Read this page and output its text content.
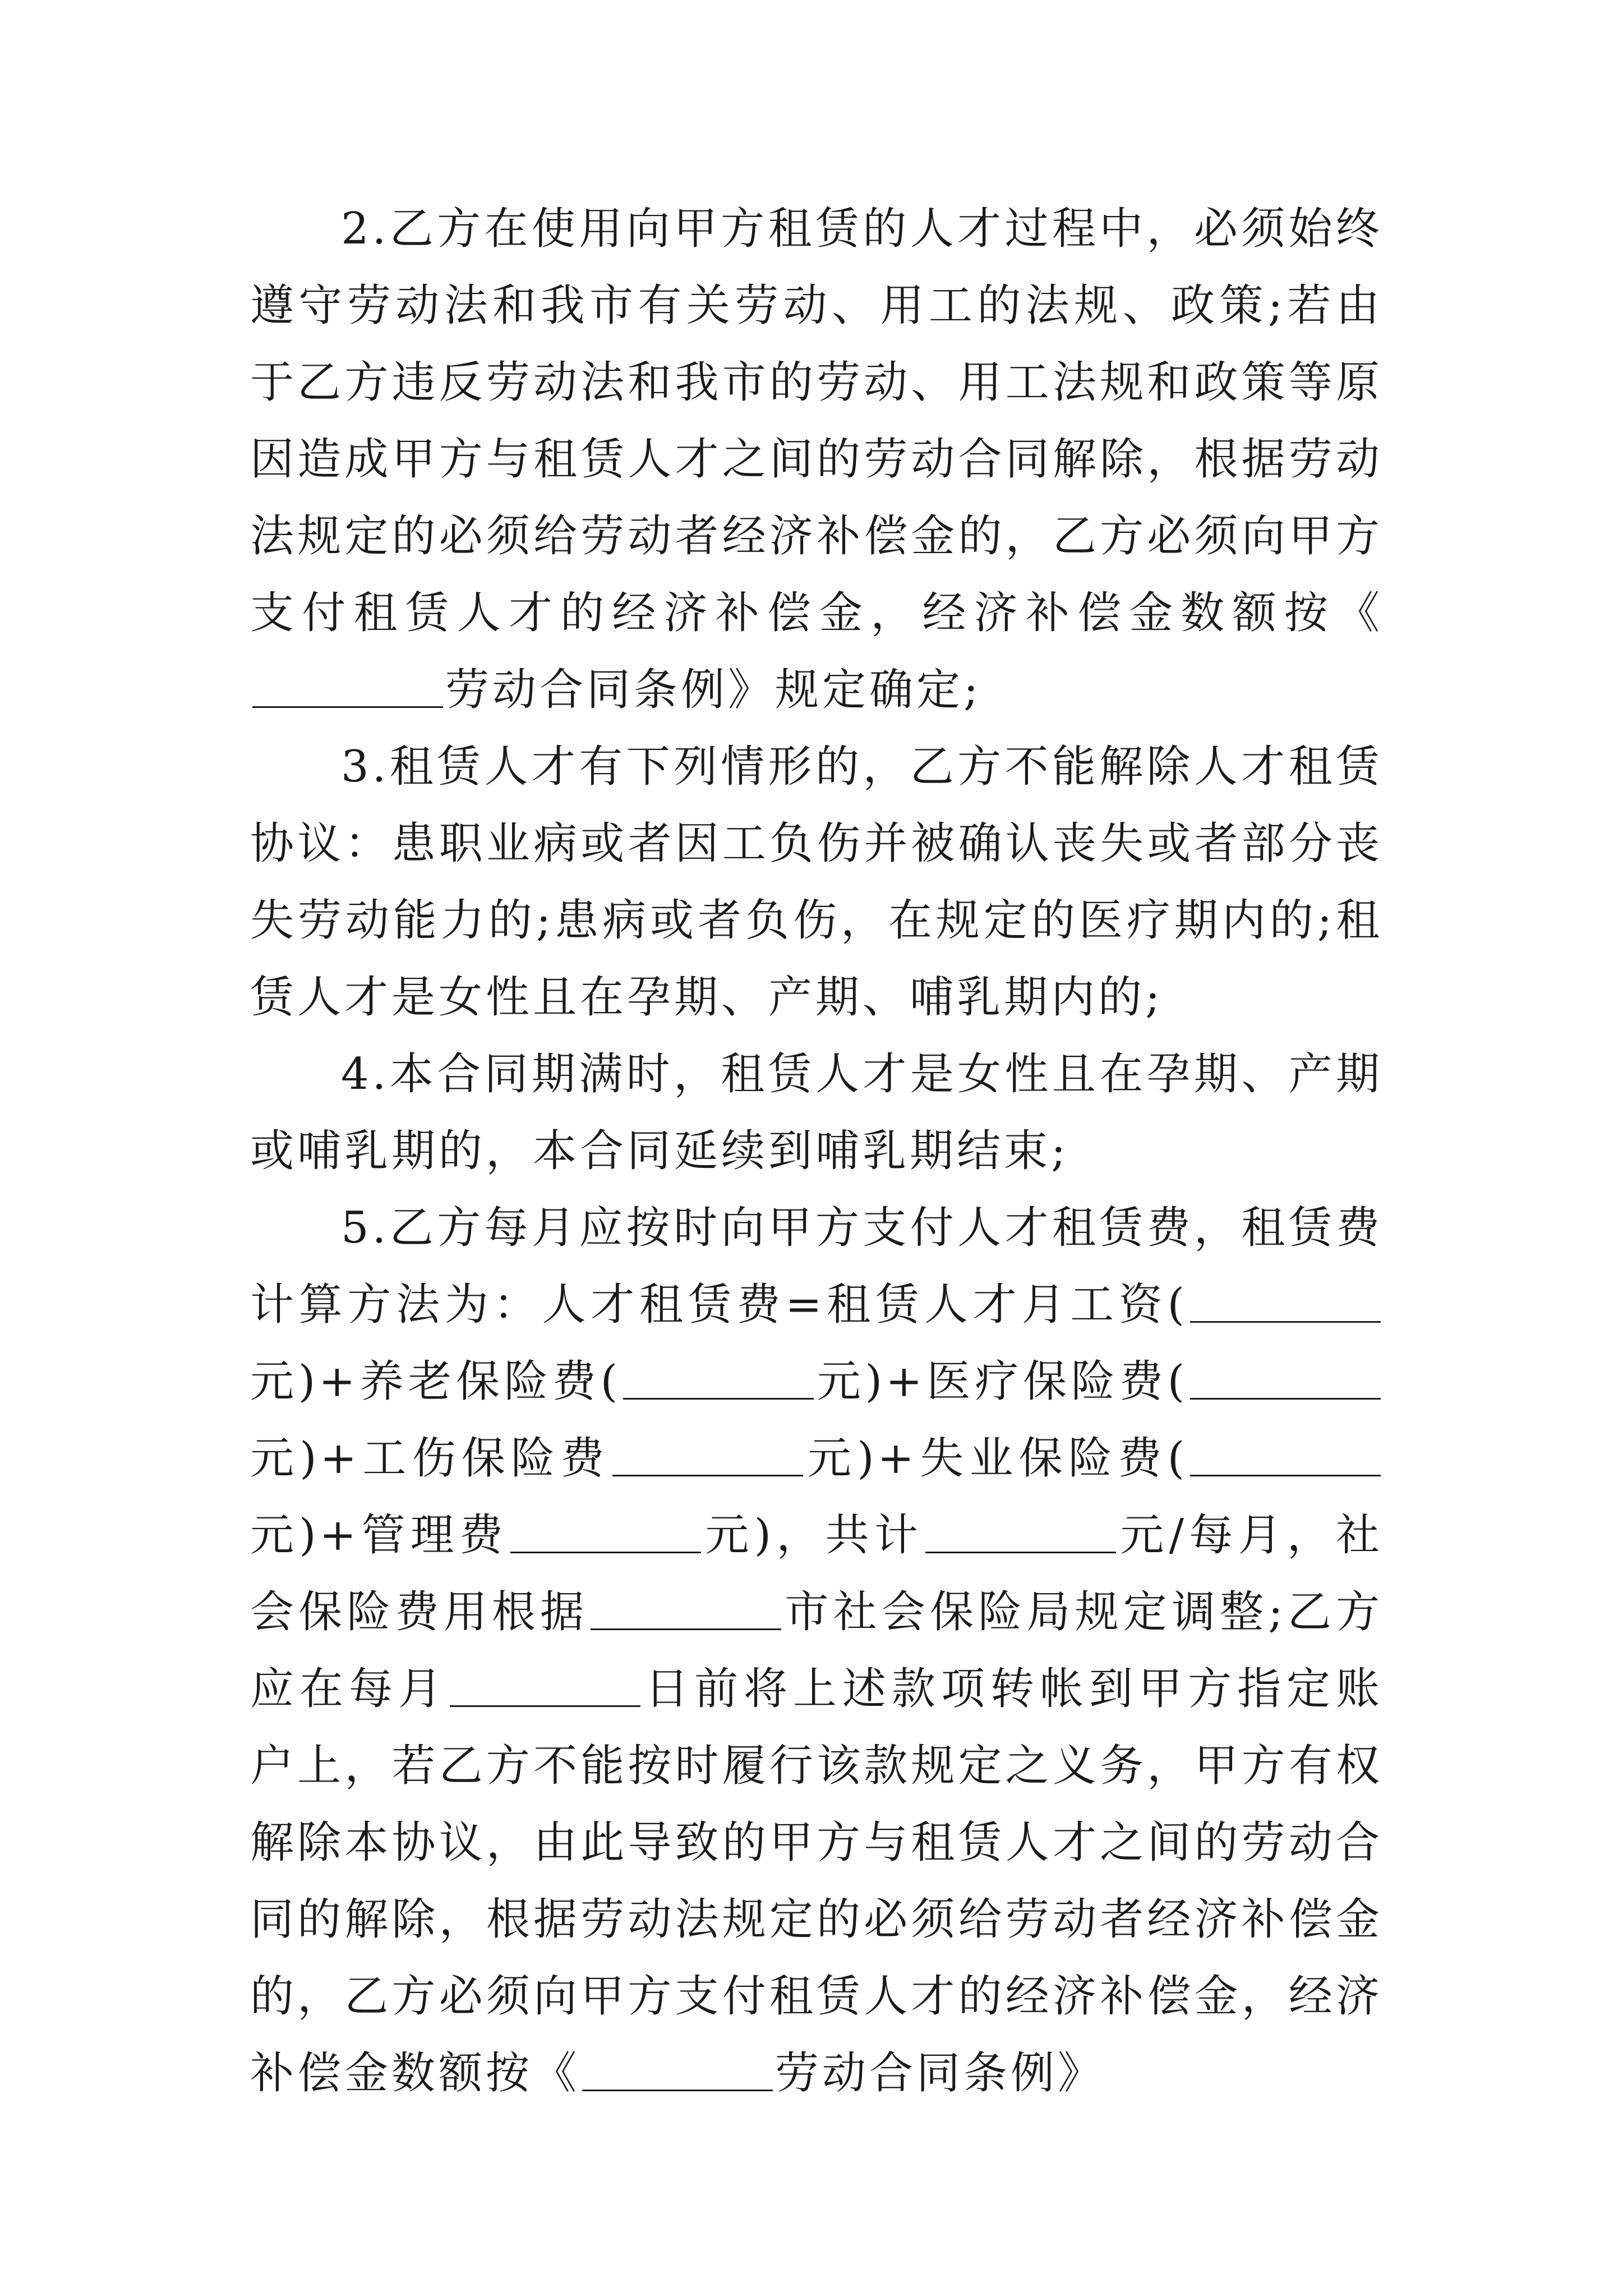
2.乙方在使用向甲方租赁的人才过程中，必须始终遵守劳动法和我市有关劳动、用工的法规、政策;若由于乙方违反劳动法和我市的劳动、用工法规和政策等原因造成甲方与租赁人才之间的劳动合同解除，根据劳动法规定的必须给劳动者经济补偿金的，乙方必须向甲方支付租赁人才的经济补偿金，经济补偿金数额按《劳动合同条例》规定确定;

3.租赁人才有下列情形的，乙方不能解除人才租赁协议：患职业病或者因工负伤并被确认丧失或者部分丧失劳动能力的;患病或者负伤，在规定的医疗期内的;租赁人才是女性且在孕期、产期、哺乳期内的;

4.本合同期满时，租赁人才是女性且在孕期、产期或哺乳期的，本合同延续到哺乳期结束;

5.乙方每月应按时向甲方支付人才租赁费，租赁费计算方法为：人才租赁费=租赁人才月工资(元)+养老保险费(	元)+医疗保险费(元)+工伤保险费	元)+失业保险费(元)+管理费	元)，共计	元/每月，社会保险费用根据	市社会保险局规定调整;乙方应在每月	日前将上述款项转帐到甲方指定账户上，若乙方不能按时履行该款规定之义务，甲方有权解除本协议，由此导致的甲方与租赁人才之间的劳动合同的解除，根据劳动法规定的必须给劳动者经济补偿金的，乙方必须向甲方支付租赁人才的经济补偿金，经济补偿金数额按《	劳动合同条例》
